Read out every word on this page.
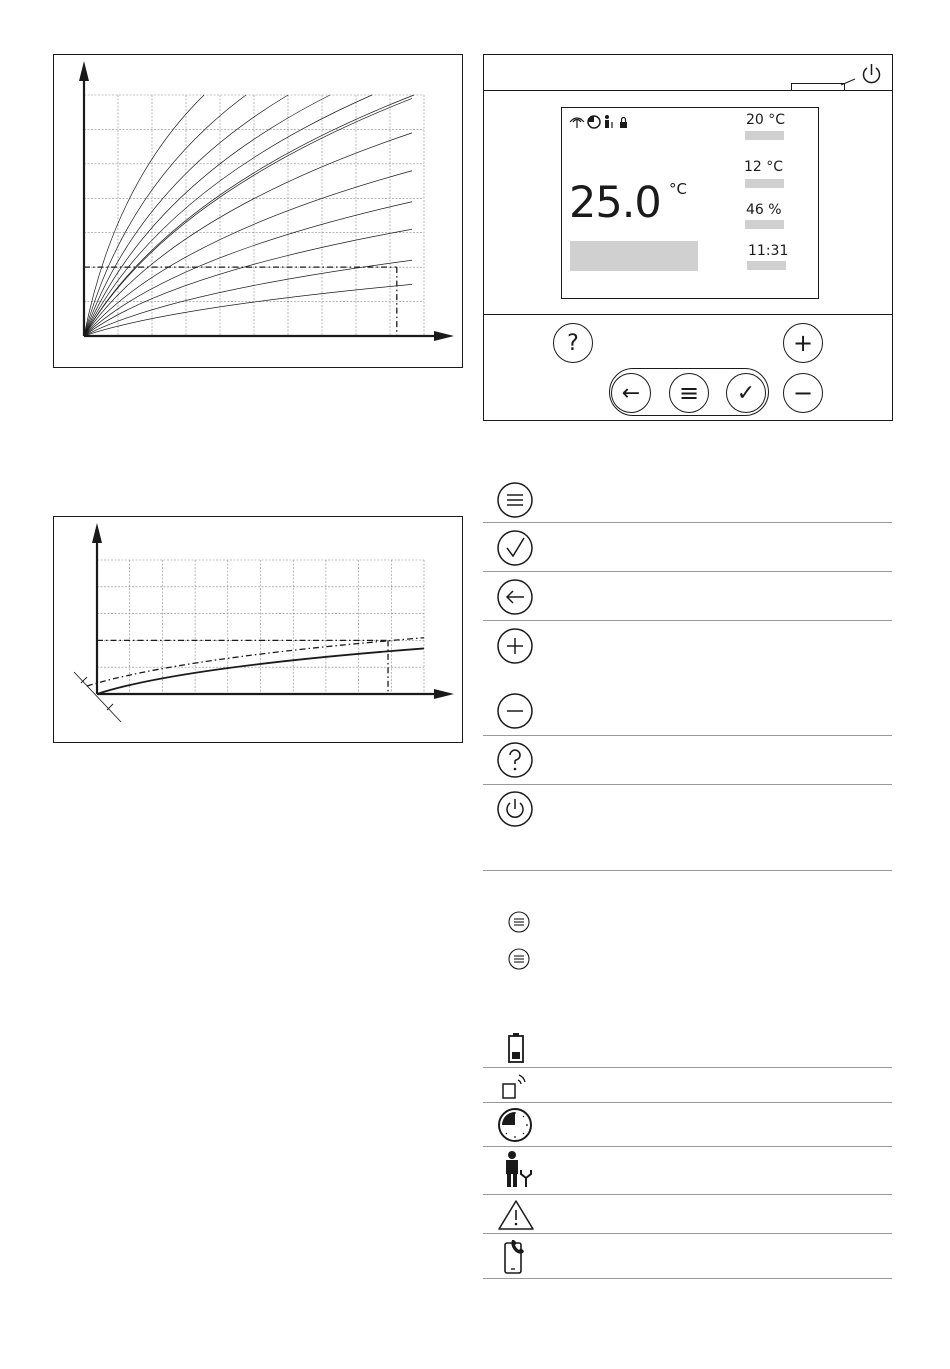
25.0 °C
20 °C
12 °C
46 %
11:31
?	+
← ≡ ✓ −
